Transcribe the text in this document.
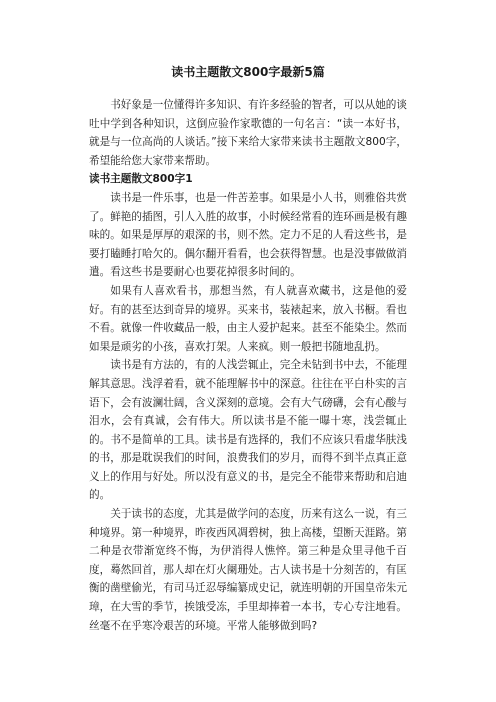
读书主题散文800字最新5篇

书好象是一位懂得许多知识、有许多经验的智者，可以从她的谈吐中学到各种知识，这倒应验作家歌德的一句名言：“读一本好书，就是与一位高尚的人谈话。”接下来给大家带来读书主题散文800字，希望能给您大家带来帮助。

读书主题散文800字1

读书是一件乐事，也是一件苦差事。如果是小人书，则雅俗共赏了。鲜艳的插图，引人入胜的故事，小时候经常看的连环画是极有趣味的。如果是厚厚的艰深的书，则不然。定力不足的人看这些书，是要打瞌睡打哈欠的。偶尔翻开看看，也会获得智慧。也是没事做做消遣。看这些书是要耐心也要花掉很多时间的。

如果有人喜欢看书，那想当然，有人就喜欢藏书，这是他的爱好。有的甚至达到奇异的境界。买来书，装裱起来，放入书橱。看也不看。就像一件收藏品一般，由主人爱护起来。甚至不能染尘。然而如果是顽劣的小孩，喜欢打架。人来疯。则一般把书随地乱扔。

读书是有方法的，有的人浅尝辄止，完全未钻到书中去，不能理解其意思。浅浮着看，就不能理解书中的深意。往往在平白朴实的言语下，会有波澜壮阔，含义深刻的意境。会有大气磅礴，会有心酸与泪水，会有真诚，会有伟大。所以读书是不能一曝十寒，浅尝辄止的。书不是简单的工具。读书是有选择的，我们不应该只看虚华肤浅的书，那是耽误我们的时间，浪费我们的岁月，而得不到半点真正意义上的作用与好处。所以没有意义的书，是完全不能带来帮助和启迪的。

关于读书的态度，尤其是做学问的态度，历来有这么一说，有三种境界。第一种境界，昨夜西风凋碧树，独上高楼，望断天涯路。第二种是衣带渐宽终不悔，为伊消得人憔悴。第三种是众里寻他千百度，蓦然回首，那人却在灯火阑珊处。古人读书是十分刻苦的，有匡衡的凿壁偷光，有司马迁忍辱编纂成史记，就连明朝的开国皇帝朱元璋，在大雪的季节，挨饿受冻，手里却捧着一本书，专心专注地看。丝毫不在乎寒冷艰苦的环境。平常人能够做到吗?
